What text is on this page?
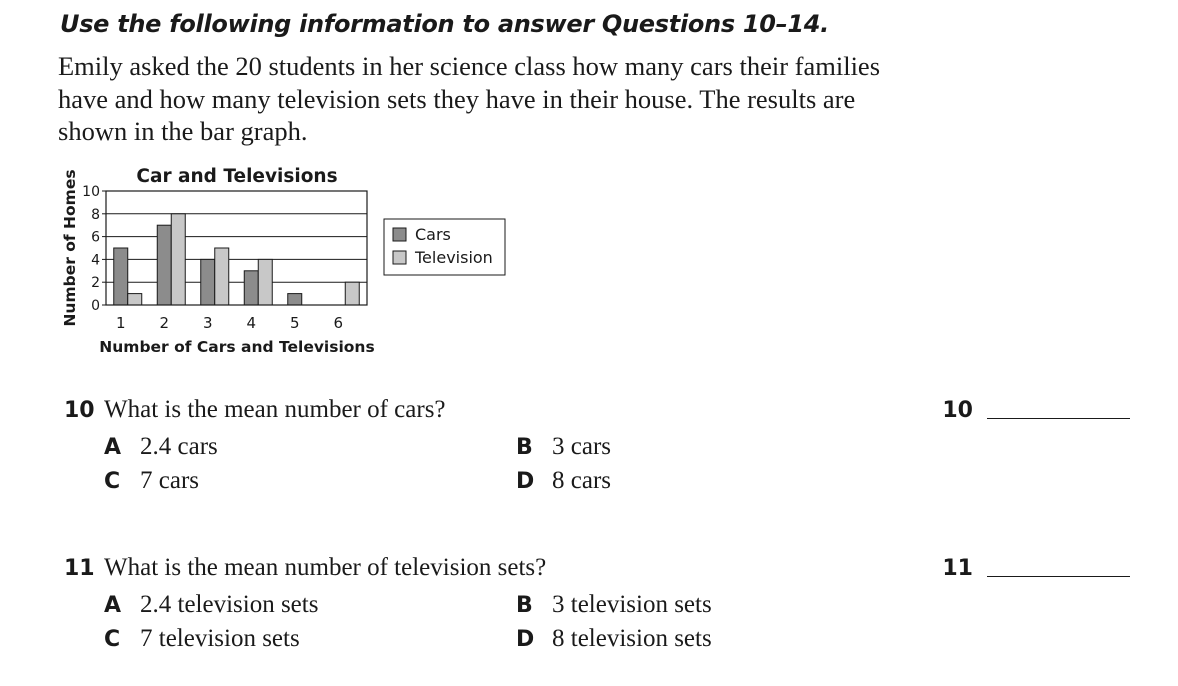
Use the following information to answer Questions 10–14.
Emily asked the 20 students in her science class how many cars their families have and how many television sets they have in their house. The results are shown in the bar graph.
0
2
4
6
8
10
1 2 3 4 5 6
Car and Televisions
Number of Cars and Televisions
Number of Homes	Cars
Television
10 What is the mean number of cars?	10
A 2.4 cars	B 3 cars
C 7 cars	D 8 cars
11 What is the mean number of television sets?	11
A 2.4 television sets	B 3 television sets
C 7 television sets	D 8 television sets
